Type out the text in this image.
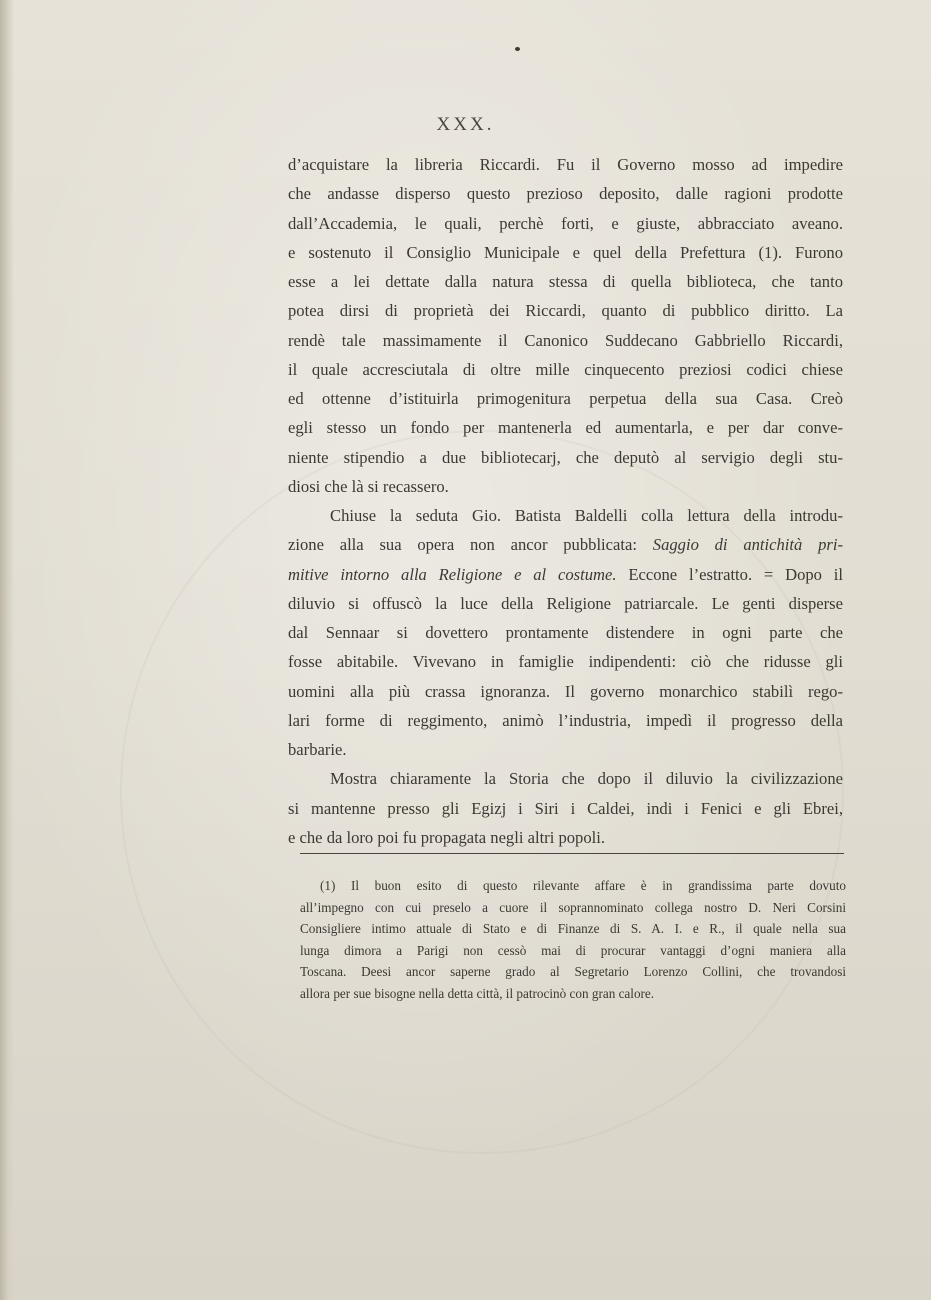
XXX.
d’acquistare la libreria Riccardi. Fu il Governo mosso ad impedire
che andasse disperso questo prezioso deposito, dalle ragioni prodotte
dall’Accademia, le quali, perchè forti, e giuste, abbracciato aveano.
e sostenuto il Consiglio Municipale e quel della Prefettura (1). Furono
esse a lei dettate dalla natura stessa di quella biblioteca, che tanto
potea dirsi di proprietà dei Riccardi, quanto di pubblico diritto. La
rendè tale massimamente il Canonico Suddecano Gabbriello Riccardi,
il quale accresciutala di oltre mille cinquecento preziosi codici chiese
ed ottenne d’istituirla primogenitura perpetua della sua Casa. Creò
egli stesso un fondo per mantenerla ed aumentarla, e per dar conve-
niente stipendio a due bibliotecarj, che deputò al servigio degli stu-
diosi che là si recassero.
Chiuse la seduta Gio. Batista Baldelli colla lettura della introdu-
zione alla sua opera non ancor pubblicata: Saggio di antichità pri-
mitive intorno alla Religione e al costume. Eccone l’estratto. = Dopo il
diluvio si offuscò la luce della Religione patriarcale. Le genti disperse
dal Sennaar si dovettero prontamente distendere in ogni parte che
fosse abitabile. Vivevano in famiglie indipendenti: ciò che ridusse gli
uomini alla più crassa ignoranza. Il governo monarchico stabilì rego-
lari forme di reggimento, animò l’industria, impedì il progresso della
barbarie.
Mostra chiaramente la Storia che dopo il diluvio la civilizzazione
si mantenne presso gli Egizj i Siri i Caldei, indi i Fenici e gli Ebrei,
e che da loro poi fu propagata negli altri popoli.
(1) Il buon esito di questo rilevante affare è in grandissima parte dovuto
all’impegno con cui preselo a cuore il soprannominato collega nostro D. Neri Corsini
Consigliere intimo attuale di Stato e di Finanze di S. A. I. e R., il quale nella sua
lunga dimora a Parigi non cessò mai di procurar vantaggi d’ogni maniera alla
Toscana. Deesi ancor saperne grado al Segretario Lorenzo Collini, che trovandosi
allora per sue bisogne nella detta città, il patrocinò con gran calore.
